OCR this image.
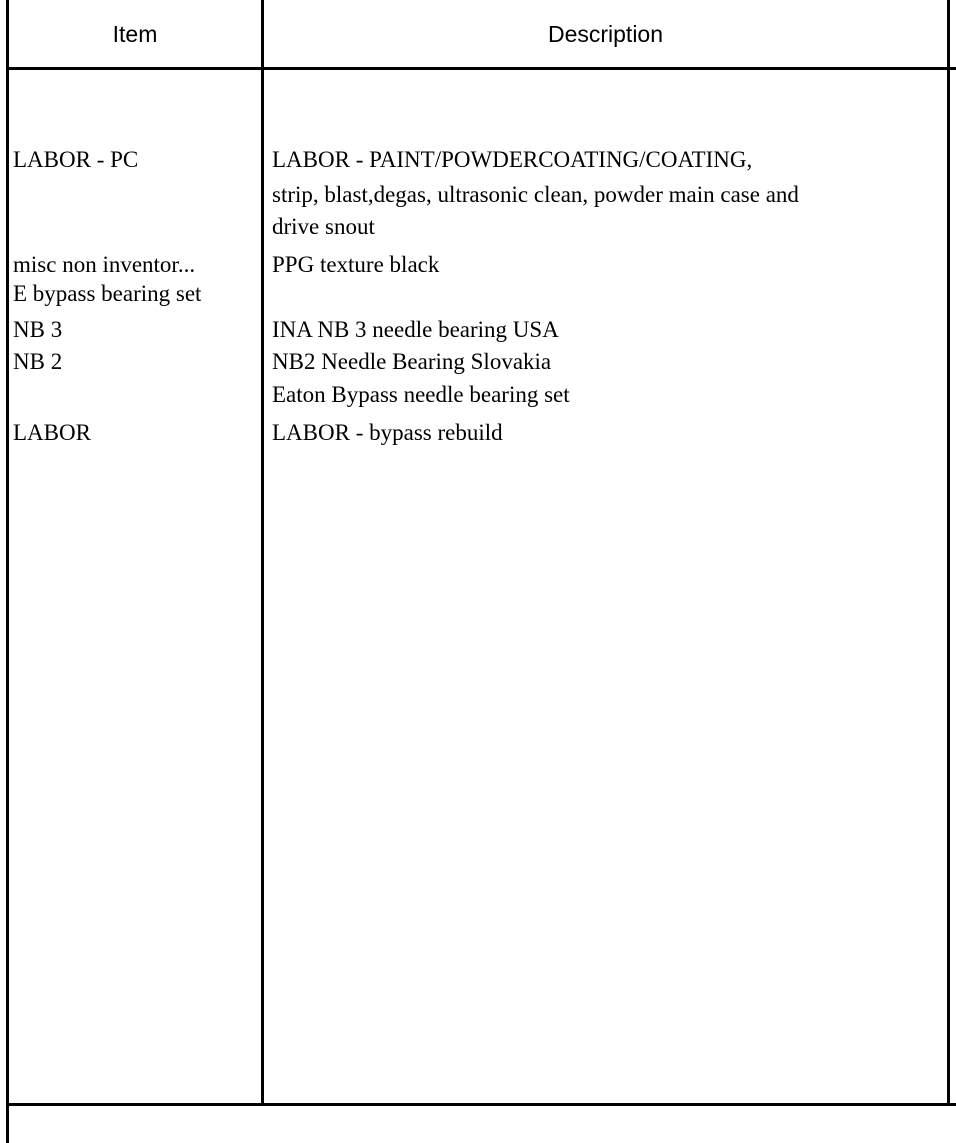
Item	Description
LABOR - PC
misc non inventor...
E bypass bearing set
NB 3
NB 2
LABOR
LABOR - PAINT/POWDERCOATING/COATING,
strip, blast,degas, ultrasonic clean, powder main case and
drive snout
PPG texture black
INA NB 3 needle bearing USA
NB2 Needle Bearing Slovakia
Eaton Bypass needle bearing set
LABOR - bypass rebuild
